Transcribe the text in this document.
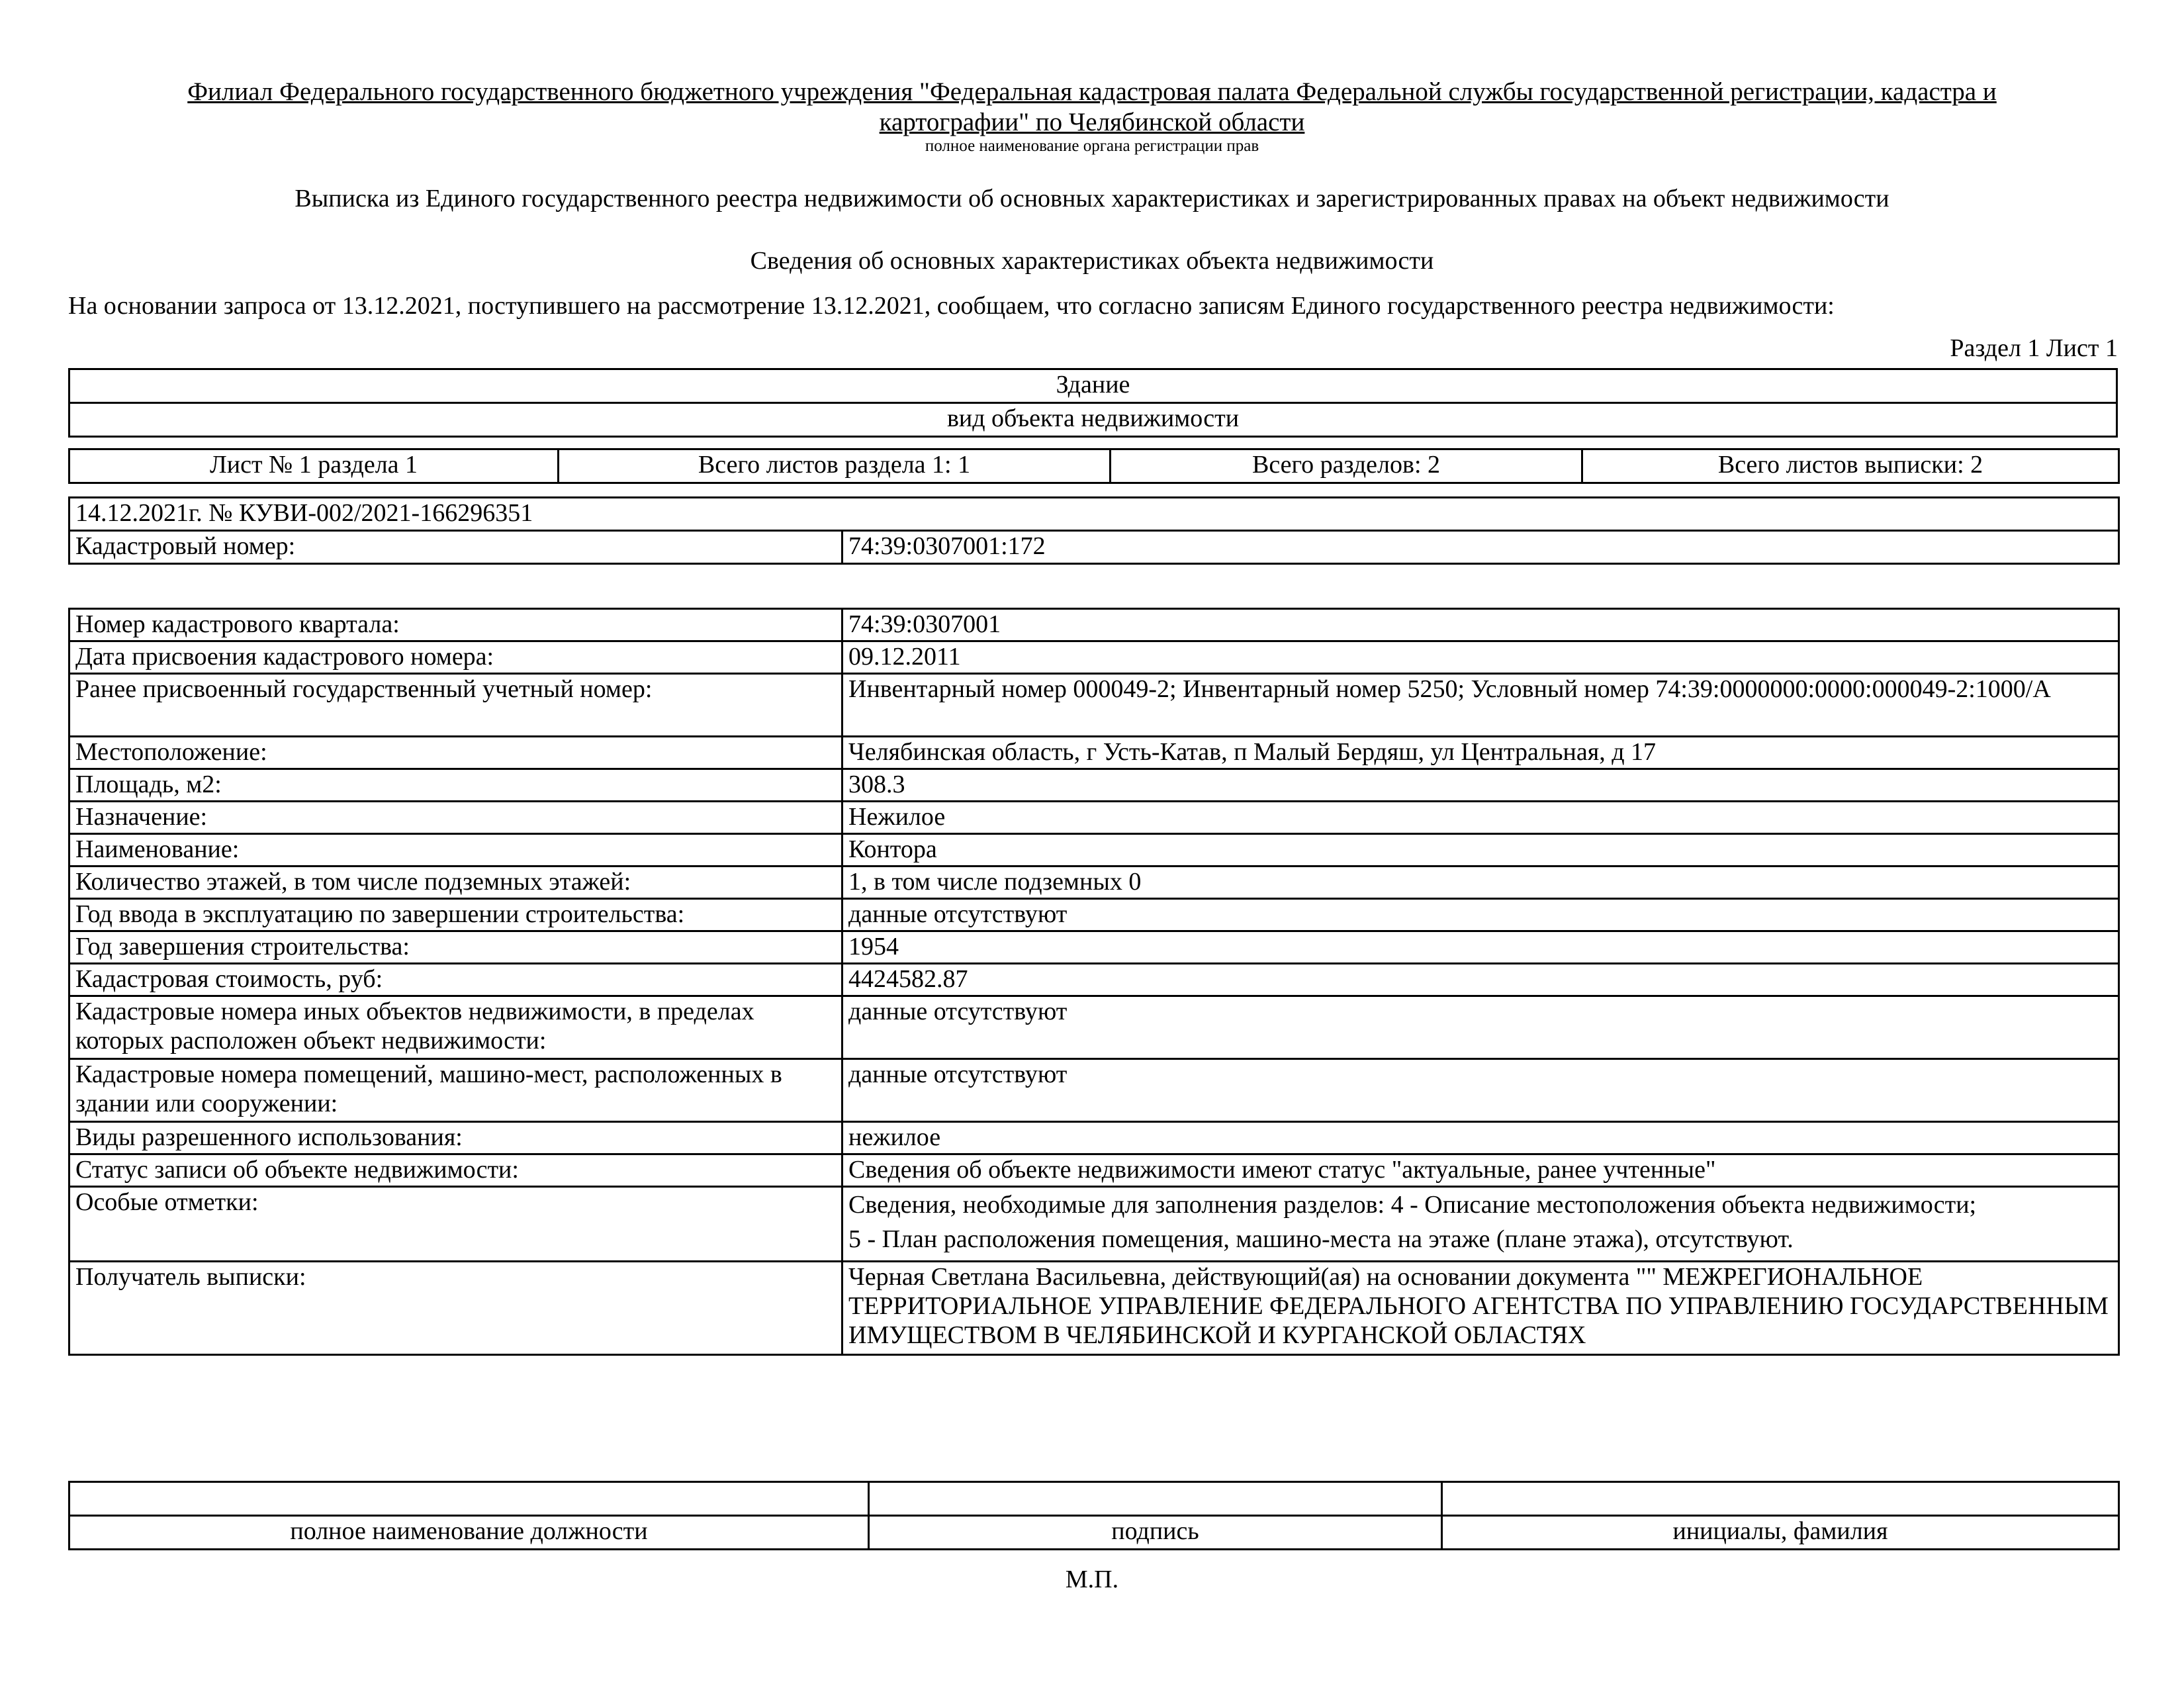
Филиал Федерального государственного бюджетного учреждения "Федеральная кадастровая палата Федеральной службы государственной регистрации, кадастра и картографии" по Челябинской области
полное наименование органа регистрации прав
Выписка из Единого государственного реестра недвижимости об основных характеристиках и зарегистрированных правах на объект недвижимости
Сведения об основных характеристиках объекта недвижимости
На основании запроса от 13.12.2021, поступившего на рассмотрение 13.12.2021, сообщаем, что согласно записям Единого государственного реестра недвижимости:
Раздел 1 Лист 1
Здание
вид объекта недвижимости
Лист № 1 раздела 1	Всего листов раздела 1: 1	Всего разделов: 2	Всего листов выписки: 2
14.12.2021г. № КУВИ-002/2021-166296351
Кадастровый номер:	74:39:0307001:172
Номер кадастрового квартала:	74:39:0307001
Дата присвоения кадастрового номера:	09.12.2011
Ранее присвоенный государственный учетный номер:	Инвентарный номер 000049-2; Инвентарный номер 5250; Условный номер 74:39:0000000:0000:000049-2:1000/А
Местоположение:	Челябинская область, г Усть-Катав, п Малый Бердяш, ул Центральная, д 17
Площадь, м2:	308.3
Назначение:	Нежилое
Наименование:	Контора
Количество этажей, в том числе подземных этажей:	1, в том числе подземных 0
Год ввода в эксплуатацию по завершении строительства:	данные отсутствуют
Год завершения строительства:	1954
Кадастровая стоимость, руб:	4424582.87
Кадастровые номера иных объектов недвижимости, в пределах которых расположен объект недвижимости:	данные отсутствуют
Кадастровые номера помещений, машино-мест, расположенных в здании или сооружении:	данные отсутствуют
Виды разрешенного использования:	нежилое
Статус записи об объекте недвижимости:	Сведения об объекте недвижимости имеют статус "актуальные, ранее учтенные"
Особые отметки:	Сведения, необходимые для заполнения разделов: 4 - Описание местоположения объекта недвижимости;
5 - План расположения помещения, машино-места на этаже (плане этажа), отсутствуют.

Получатель выписки:	Черная Светлана Васильевна, действующий(ая) на основании документа "" МЕЖРЕГИОНАЛЬНОЕ ТЕРРИТОРИАЛЬНОЕ УПРАВЛЕНИЕ ФЕДЕРАЛЬНОГО АГЕНТСТВА ПО УПРАВЛЕНИЮ ГОСУДАРСТВЕННЫМ ИМУЩЕСТВОМ В ЧЕЛЯБИНСКОЙ И КУРГАНСКОЙ ОБЛАСТЯХ

полное наименование должности	подпись	инициалы, фамилия
М.П.
